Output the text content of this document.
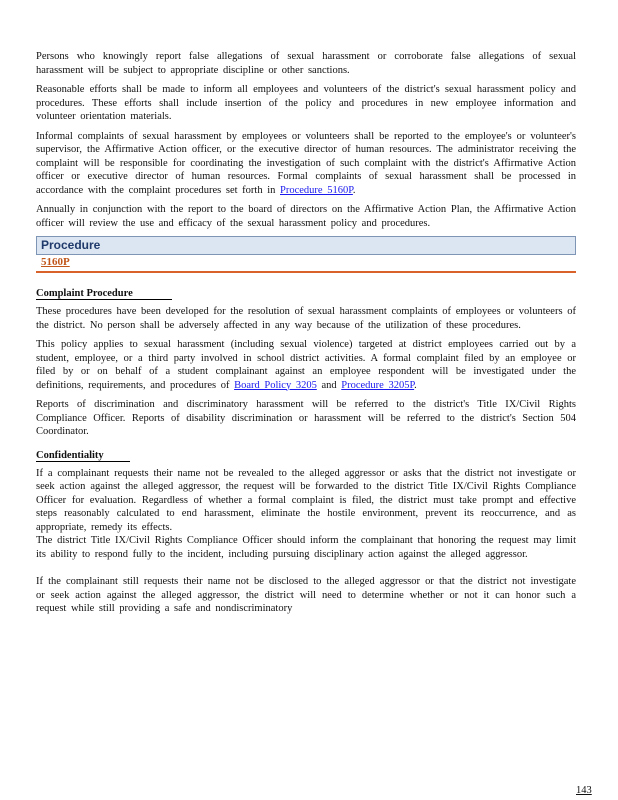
Persons who knowingly report false allegations of sexual harassment or corroborate false allegations of sexual harassment will be subject to appropriate discipline or other sanctions.

Reasonable efforts shall be made to inform all employees and volunteers of the district's sexual harassment policy and procedures. These efforts shall include insertion of the policy and procedures in new employee information and volunteer orientation materials.

Informal complaints of sexual harassment by employees or volunteers shall be reported to the employee's or volunteer's supervisor, the Affirmative Action officer, or the executive director of human resources. The administrator receiving the complaint will be responsible for coordinating the investigation of such complaint with the district's Affirmative Action officer or executive director of human resources. Formal complaints of sexual harassment shall be processed in accordance with the complaint procedures set forth in Procedure 5160P.

Annually in conjunction with the report to the board of directors on the Affirmative Action Plan, the Affirmative Action officer will review the use and efficacy of the sexual harassment policy and procedures.

Procedure
5160P
Complaint Procedure

These procedures have been developed for the resolution of sexual harassment complaints of employees or volunteers of the district. No person shall be adversely affected in any way because of the utilization of these procedures.

This policy applies to sexual harassment (including sexual violence) targeted at district employees carried out by a student, employee, or a third party involved in school district activities. A formal complaint filed by an employee or filed by or on behalf of a student complainant against an employee respondent will be investigated under the definitions, requirements, and procedures of Board Policy 3205 and Procedure 3205P.

Reports of discrimination and discriminatory harassment will be referred to the district's Title IX/Civil Rights Compliance Officer. Reports of disability discrimination or harassment will be referred to the district's Section 504 Coordinator.

Confidentiality

If a complainant requests their name not be revealed to the alleged aggressor or asks that the district not investigate or seek action against the alleged aggressor, the request will be forwarded to the district Title IX/Civil Rights Compliance Officer for evaluation. Regardless of whether a formal complaint is filed, the district must take prompt and effective steps reasonably calculated to end harassment, eliminate the hostile environment, prevent its reoccurrence, and as appropriate, remedy its effects.

The district Title IX/Civil Rights Compliance Officer should inform the complainant that honoring the request may limit its ability to respond fully to the incident, including pursuing disciplinary action against the alleged aggressor.

If the complainant still requests their name not be disclosed to the alleged aggressor or that the district not investigate or seek action against the alleged aggressor, the district will need to determine whether or not it can honor such a request while still providing a safe and nondiscriminatory

143
